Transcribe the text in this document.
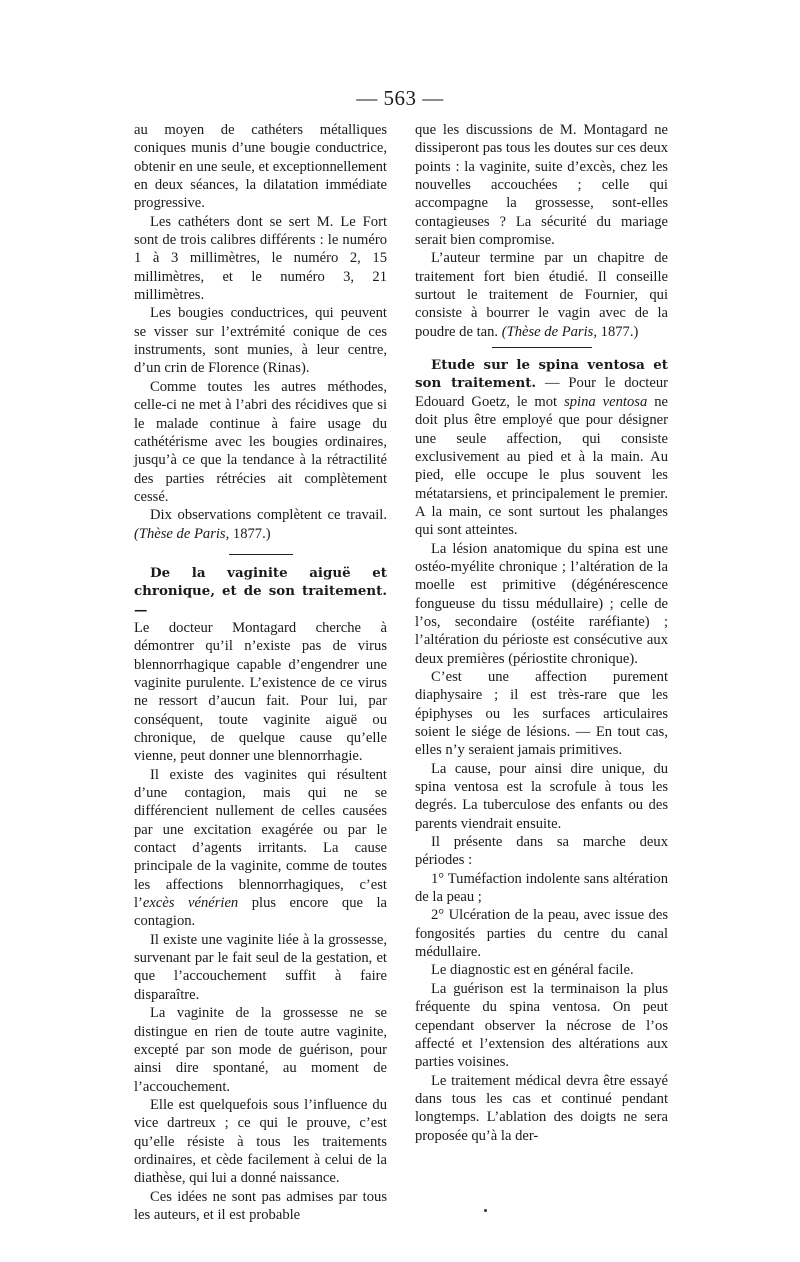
— 563 —

au moyen de cathéters métalliques coniques munis d’une bougie conductrice, obtenir en une seule, et exceptionnellement en deux séances, la dilatation immédiate progressive.

Les cathéters dont se sert M. Le Fort sont de trois calibres différents : le numéro 1 à 3 millimètres, le numéro 2, 15 millimètres, et le numéro 3, 21 millimètres.

Les bougies conductrices, qui peuvent se visser sur l’extrémité conique de ces instruments, sont munies, à leur centre, d’un crin de Florence (Rinas).

Comme toutes les autres méthodes, celle-ci ne met à l’abri des récidives que si le malade continue à faire usage du cathétérisme avec les bougies ordinaires, jusqu’à ce que la tendance à la rétractilité des parties rétrécies ait complètement cessé.

Dix observations complètent ce travail. (Thèse de Paris, 1877.)

De la vaginite aiguë et chronique, et de son traitement.—

Le docteur Montagard cherche à démontrer qu’il n’existe pas de virus blennorrhagique capable d’engendrer une vaginite purulente. L’existence de ce virus ne ressort d’aucun fait. Pour lui, par conséquent, toute vaginite aiguë ou chronique, de quelque cause qu’elle vienne, peut donner une blennorrhagie.

Il existe des vaginites qui résultent d’une contagion, mais qui ne se différencient nullement de celles causées par une excitation exagérée ou par le contact d’agents irritants. La cause principale de la vaginite, comme de toutes les affections blennorrhagiques, c’est l’excès vénérien plus encore que la contagion.

Il existe une vaginite liée à la grossesse, survenant par le fait seul de la gestation, et que l’accouchement suffit à faire disparaître.

La vaginite de la grossesse ne se distingue en rien de toute autre vaginite, excepté par son mode de guérison, pour ainsi dire spontané, au moment de l’accouchement.

Elle est quelquefois sous l’influence du vice dartreux ; ce qui le prouve, c’est qu’elle résiste à tous les traitements ordinaires, et cède facilement à celui de la diathèse, qui lui a donné naissance.

Ces idées ne sont pas admises par tous les auteurs, et il est probable

que les discussions de M. Montagard ne dissiperont pas tous les doutes sur ces deux points : la vaginite, suite d’excès, chez les nouvelles accouchées ; celle qui accompagne la grossesse, sont-elles contagieuses ? La sécurité du mariage serait bien compromise.

L’auteur termine par un chapitre de traitement fort bien étudié. Il conseille surtout le traitement de Fournier, qui consiste à bourrer le vagin avec de la poudre de tan. (Thèse de Paris, 1877.)

Etude sur le spina ventosa et son traitement. — Pour le docteur Edouard Goetz, le mot spina ventosa ne doit plus être employé que pour désigner une seule affection, qui consiste exclusivement au pied et à la main. Au pied, elle occupe le plus souvent les métatarsiens, et principalement le premier. A la main, ce sont surtout les phalanges qui sont atteintes.

La lésion anatomique du spina est une ostéo-myélite chronique ; l’altération de la moelle est primitive (dégénérescence fongueuse du tissu médullaire) ; celle de l’os, secondaire (ostéite raréfiante) ; l’altération du périoste est consécutive aux deux premières (périostite chronique).

C’est une affection purement diaphysaire ; il est très-rare que les épiphyses ou les surfaces articulaires soient le siége de lésions. — En tout cas, elles n’y seraient jamais primitives.

La cause, pour ainsi dire unique, du spina ventosa est la scrofule à tous les degrés. La tuberculose des enfants ou des parents viendrait ensuite.

Il présente dans sa marche deux périodes :

1° Tuméfaction indolente sans altération de la peau ;

2° Ulcération de la peau, avec issue des fongosités parties du centre du canal médullaire.

Le diagnostic est en général facile.

La guérison est la terminaison la plus fréquente du spina ventosa. On peut cependant observer la nécrose de l’os affecté et l’extension des altérations aux parties voisines.

Le traitement médical devra être essayé dans tous les cas et continué pendant longtemps. L’ablation des doigts ne sera proposée qu’à la der-
